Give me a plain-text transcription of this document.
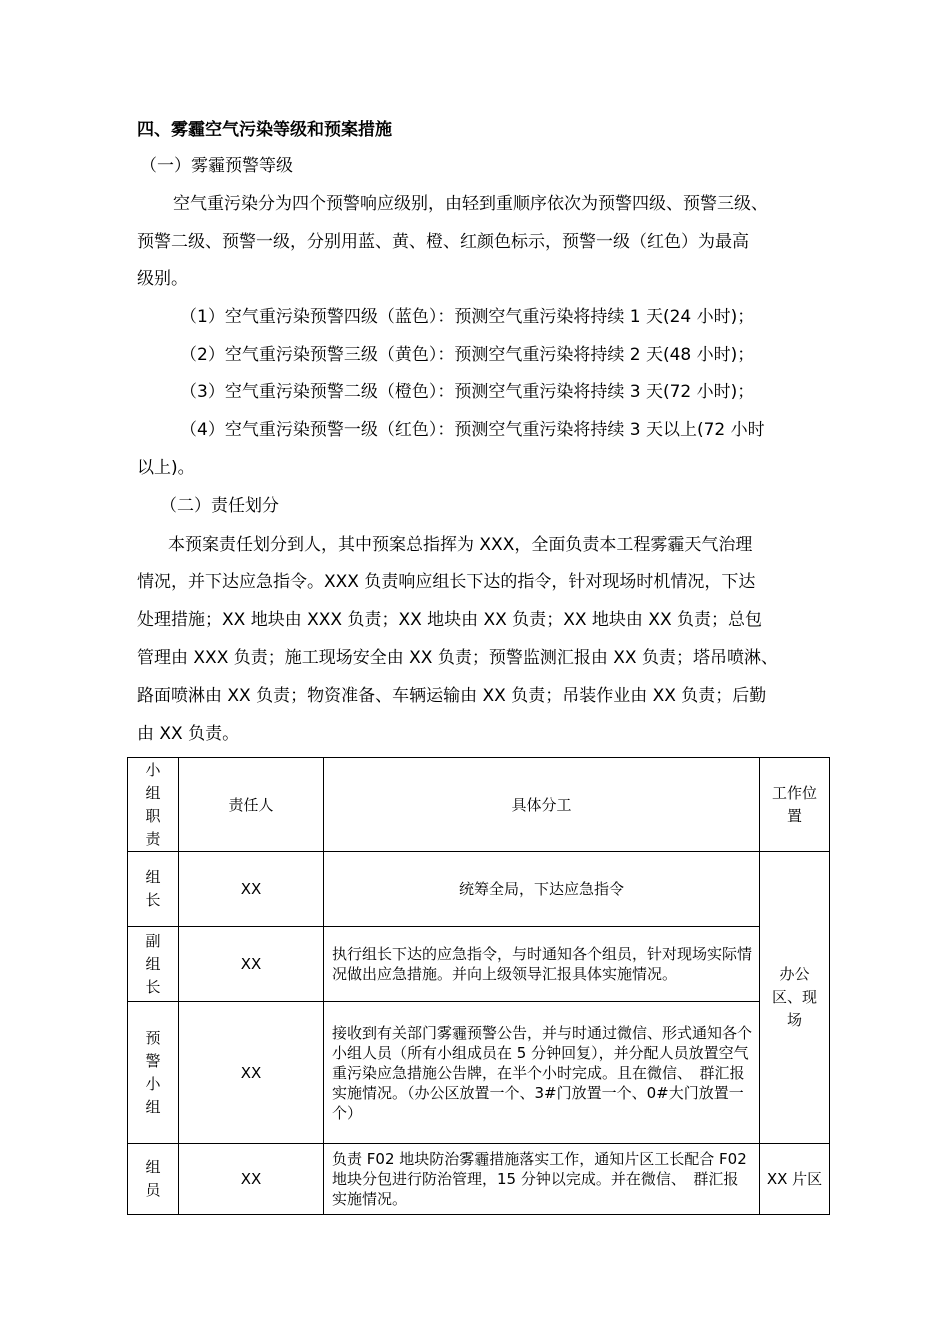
四、雾霾空气污染等级和预案措施
（一）雾霾预警等级
空气重污染分为四个预警响应级别，由轻到重顺序依次为预警四级、预警三级、
预警二级、预警一级，分别用蓝、黄、橙、红颜色标示，预警一级（红色）为最高
级别。
（1）空气重污染预警四级（蓝色）：预测空气重污染将持续 1 天(24 小时)；
（2）空气重污染预警三级（黄色）：预测空气重污染将持续 2 天(48 小时)；
（3）空气重污染预警二级（橙色）：预测空气重污染将持续 3 天(72 小时)；
（4）空气重污染预警一级（红色）：预测空气重污染将持续 3 天以上(72 小时
以上)。
（二）责任划分
本预案责任划分到人，其中预案总指挥为 XXX，全面负责本工程雾霾天气治理
情况，并下达应急指令。XXX 负责响应组长下达的指令，针对现场时机情况，下达
处理措施；XX 地块由 XXX 负责；XX 地块由 XX 负责；XX 地块由 XX 负责；总包
管理由 XXX 负责；施工现场安全由 XX 负责；预警监测汇报由 XX 负责；塔吊喷淋、
路面喷淋由 XX 负责；物资准备、车辆运输由 XX 负责；吊装作业由 XX 负责；后勤
由 XX 负责。
小组职责	责任人	具体分工	工作位置

组长	XX	统筹全局，下达应急指令	办公区、现场

副组长	XX	执行组长下达的应急指令，与时通知各个组员，针对现场实际情况做出应急措施。并向上级领导汇报具体实施情况。	

预警小组	XX	接收到有关部门雾霾预警公告，并与时通过微信、形式通知各个小组人员（所有小组成员在 5 分钟回复），并分配人员放置空气重污染应急措施公告牌，在半个小时完成。且在微信、　群汇报实施情况。（办公区放置一个、3#门放置一个、0#大门放置一个）	

组员	XX	负责 F02 地块防治雾霾措施落实工作，通知片区工长配合 F02 地块分包进行防治管理，15 分钟以完成。并在微信、　群汇报实施情况。	XX 片区
